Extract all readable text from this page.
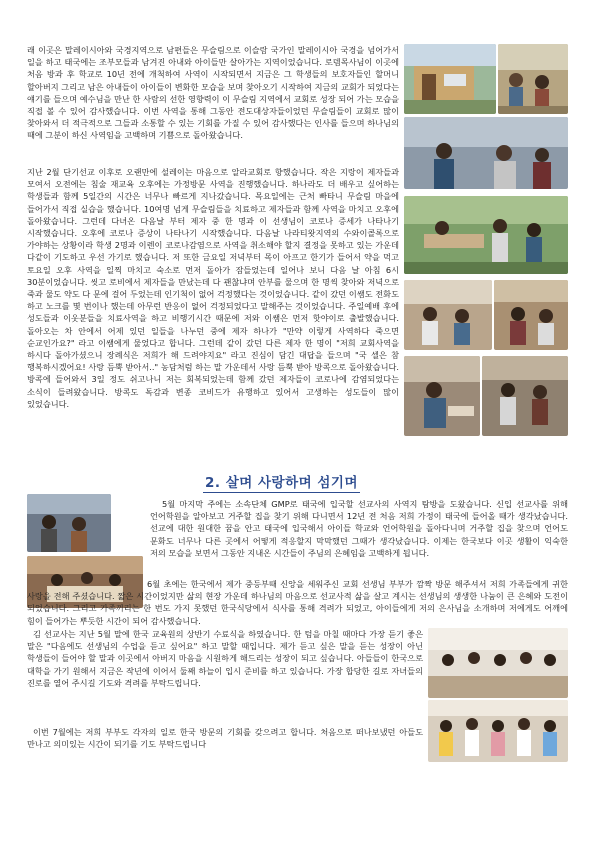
래 이곳은 말레이시아와 국경지역으로 남편들은 무슬림으로 이슬람 국가인 말레이시아 국경을 넘어가서 일을 하고 태국에는 조부모들과 남겨진 아내와 아이들만 살아가는 지역이었습니다. 로뎀목사님이 이곳에 처음 방과 후 학교로 10년 전에 개척하여 사역이 시작되면서 지금은 그 학생들의 보호자들인 할머니 할아버지 그리고 남은 아내들이 아이들이 변화한 모습을 보며 찾아오기 시작하여 지금의 교회가 되었다는 얘기를 들으며 예수님을 만난 한 사람의 선한 영향력이 이 무슬림 지역에서 교회로 성장 되어 가는 모습을 직접 볼 수 있어 감사했습니다. 이번 사역을 통해 그동안 전도대상자들이었던 무슬림들이 교회로 많이 찾아와서 더 적극적으로 그들과 소통할 수 있는 기회를 가질 수 있어 감사했다는 인사를 들으며 하나님의 때에 그분이 하신 사역임을 고백하며 기쁨으로 돌아왔습니다.
지난 2월 단기선교 이후로 오랜만에 설레이는 마음으로 알라교회로 향했습니다. 작은 지랑이 제자들과 모여서 오전에는 침술 재교육 오후에는 가정방문 사역을 진행했습니다. 하나라도 더 배우고 싶어하는 학생들과 함께 5일간의 시간은 너무나 빠르게 지나갔습니다. 목요일에는 근처 빠타니 무슬림 마을에 들어가서 직접 실습을 했습니다. 10여명 넘게 무슬림들을 치료하고 제자들과 함께 사역을 마치고 오후에 돌아왔습니다. 그런데 다녀온 다음날 부터 제자 중 한 명과 이 선생님이 코로나 증세가 나타나기 시작했습니다. 오후에 코로나 증상이 나타나기 시작했습니다. 다음날 나라티왓지역의 수와이콜록으로 가야하는 상황이라 학생 2명과 이렌이 코로나감염으로 사역을 취소해야 할지 결정을 못하고 있는 가운데 다같이 기도하고 우선 가기로 했습니다. 저 또한 금요일 저녁부터 목이 아프고 한기가 들어서 약을 먹고 토요일 오후 사역을 일찍 마치고 숙소로 먼저 돌아가 잠들었는데 일어나 보니 다음 날 아침 6시 30분이었습니다. 씻고 로비에서 제자들을 만났는데 다 괜찮냐며 안부를 물으며 한 명씩 찾아와 저녁으로 죽과 물도 약도 다 문에 걸어 두었는데 인기척이 없어 걱정했다는 것이었습니다. 같이 갔던 이쌤도 전화도 하고 노크를 몇 번이나 했는데 아무런 반응이 없어 걱정되었다고 말해주는 것이었습니다. 주일예배 후에 성도들과 이웃분들을 치료사역을 하고 비행기시간 때문에 저와 이쌤은 먼저 핫야이로 출발했습니다. 돌아오는 차 안에서 어제 있던 일들을 나누던 중에 제자 하나가 "만약 이렇게 사역하다 죽으면 순교인가요?" 라고 이쌤에게 물었다고 합니다. 그런데 같이 갔던 다른 제자 한 명이 "저희 교회사역을 하시다 돌아가셨으니 장례식은 저희가 해 드려야지요" 라고 진심이 담긴 대답을 들으며 "국 셀은 참 행복하시겠어요! 사랑 듬뿍 받아서.." 농담처럼 하는 말 가운데서 사랑 듬뿍 받아 방콕으로 돌아왔습니다. 방콕에 들어와서 3일 정도 쉬고나니 저는 회복되었는데 함께 갔던 제자들이 코로나에 감염되었다는 소식이 들려왔습니다. 방콕도 독감과 변종 코비드가 유행하고 있어서 고생하는 성도들이 많이 있었습니다.
2. 살며 사랑하며 섬기며
5월 마지막 주에는 소속단체 GMP로 태국에 입국할 선교사의 사역지 탐방을 도왔습니다. 신입 선교사를 위해 언어학원을 알아보고 거주할 집을 찾기 위해 다니면서 12년 전 처음 저희 가정이 태국에 들어올 때가 생각났습니다. 선교에 대한 원대한 꿈을 안고 태국에 입국해서 아이들 학교와 언어학원을 돌아다니며 거주할 집을 찾으며 언어도 문화도 너무나 다른 곳에서 어떻게 적응할지 막막했던 그때가 생각났습니다. 이제는 한국보다 이곳 생활이 익숙한 저의 모습을 보면서 그동안 지내온 시간들이 주님의 은혜임을 고백하게 됩니다.
6월 초에는 한국에서 제가 중등부때 신앙을 세워주신 교회 선생님 부부가 깜짝 방문 해주셔서 저희 가족들에게 귀한 사랑을 전해 주셨습니다. 짧은 시간이었지만 삶의 현장 가운데 하나님의 마음으로 선교사적 삶을 살고 계시는 선생님의 생생한 나눔이 큰 은혜와 도전이 되었습니다. 그리고 가족끼리는 한 번도 가지 못했던 한국식당에서 식사를 통해 격려가 되었고, 아이들에게 저의 은사님을 소개하며 저에게도 어깨에 힘이 들어가는 뿌듯한 시간이 되어 감사했습니다.
김 선교사는 지난 5월 말에 한국 교육원의 상반기 수료식을 하였습니다. 한 텀을 마칠 때마다 가장 듣기 좋은 말은 "다음에도 선생님의 수업을 듣고 싶어요" 하고 말할 때입니다. 제가 듣고 싶은 말을 듣는 성장이 아닌 학생들이 들어야 할 말과 이곳에서 아버지 마음을 시원하게 해드리는 성장이 되고 싶습니다. 아들들이 한국으로 대학을 가기 원해서 지금은 작년에 이어서 둘째 하늘이 입시 준비를 하고 있습니다. 가장 합당한 길로 자녀들의 진로를 열어 주시길 기도와 격려를 부탁드립니다.
이번 7월에는 저희 부부도 각자의 일로 한국 방문의 기회를 갖으려고 합니다. 처음으로 떠나보냈던 아들도 만나고 의미있는 시간이 되기를 기도 부탁드립니다
